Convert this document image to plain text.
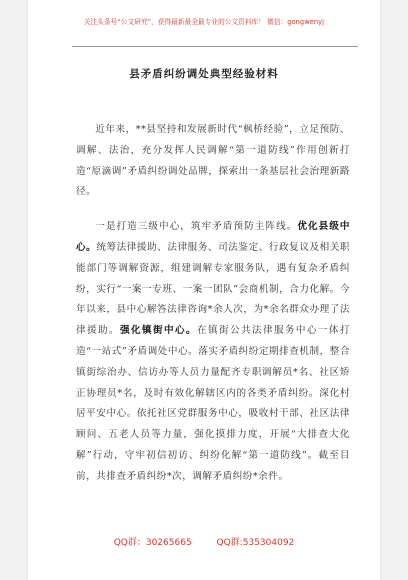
关注头条号“公文研究”，获得最新最全最专业的公文资料库！ 微信：gongwenyj
县矛盾纠纷调处典型经验材料

近年来，**县坚持和发展新时代“枫桥经验”，立足预防、调解、法治，充分发挥人民调解“第一道防线”作用创新打造“原滴调”矛盾纠纷调处品牌，探索出一条基层社会治理新路径。

一是打造三级中心，筑牢矛盾预防主阵线。优化县级中心。统筹法律援助、法律服务、司法鉴定、行政复议及相关职能部门等调解资源，组建调解专家服务队，遇有复杂矛盾纠纷，实行“一案一专班、一案一团队”会商机制，合力化解。今年以来，县中心解答法律咨询*余人次，为*余名群众办理了法律援助。强化镇街中心。在镇街公共法律服务中心一体打造“一站式”矛盾调处中心。落实矛盾纠纷定期排查机制，整合镇街综治办、信访办等人员力量配齐专职调解员*名、社区矫正协理员*名，及时有效化解辖区内的各类矛盾纠纷。深化村居平安中心。依托社区党群服务中心，吸收村干部、社区法律顾问、五老人员等力量，强化摸排力度，开展“大排查大化解”行动，守牢初信初访、纠纷化解“第一道防线”。截至目前，共排查矛盾纠纷*次，调解矛盾纠纷*余件。

QQ群：30265665	QQ群:535304092
